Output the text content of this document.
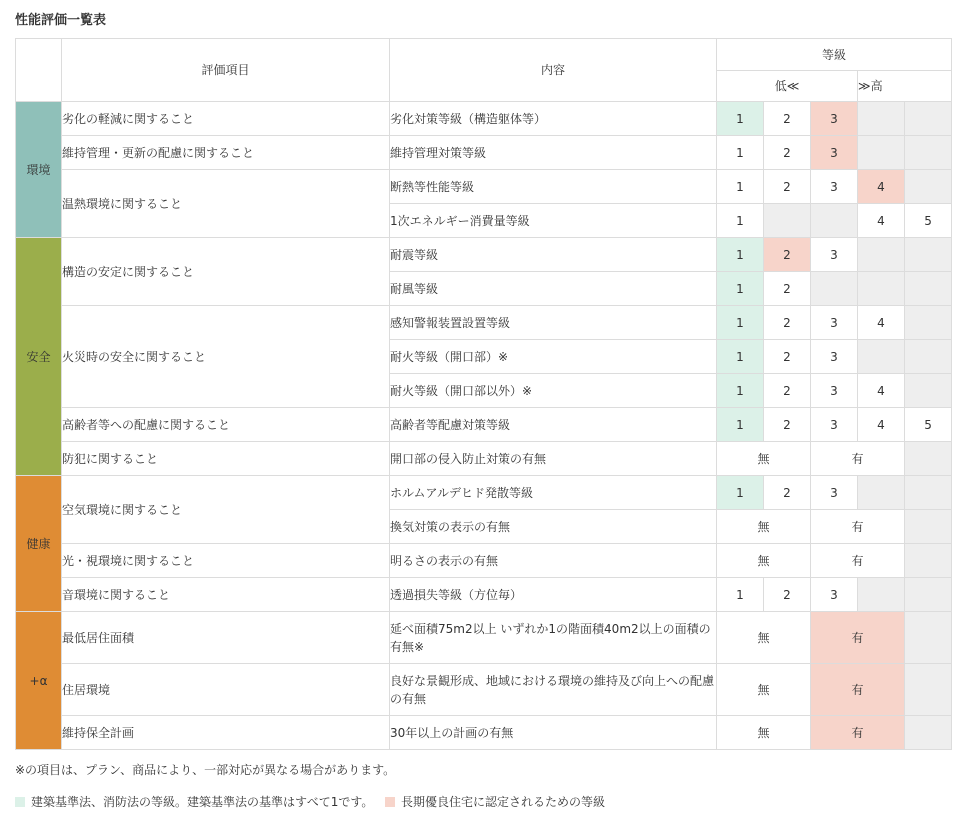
性能評価一覧表
	評価項目	内容	等級				
			低≪			≫高	
環境	劣化の軽減に関すること	劣化対策等級（構造躯体等）	1	2	3		
	維持管理・更新の配慮に関すること	維持管理対策等級	1	2	3		
	温熱環境に関すること	断熱等性能等級	1	2	3	4	
		1次エネルギー消費量等級	1			4	5
安全	構造の安定に関すること	耐震等級	1	2	3		
		耐風等級	1	2			
	火災時の安全に関すること	感知警報装置設置等級	1	2	3	4	
		耐火等級（開口部）※	1	2	3		
		耐火等級（開口部以外）※	1	2	3	4	
	高齢者等への配慮に関すること	高齢者等配慮対策等級	1	2	3	4	5
	防犯に関すること	開口部の侵入防止対策の有無	無		有		
健康	空気環境に関すること	ホルムアルデヒド発散等級	1	2	3		
		換気対策の表示の有無	無		有		
	光・視環境に関すること	明るさの表示の有無	無		有		
	音環境に関すること	透過損失等級（方位毎）	1	2	3		
+α	最低居住面積	延べ面積75m2以上 いずれか1の階面積40m2以上の面積の有無※	無		有		
	住居環境	良好な景観形成、地域における環境の維持及び向上への配慮の有無	無		有		
	維持保全計画	30年以上の計画の有無	無		有		
※の項目は、プラン、商品により、一部対応が異なる場合があります。
建築基準法、消防法の等級。建築基準法の基準はすべて1です。 長期優良住宅に認定されるための等級
